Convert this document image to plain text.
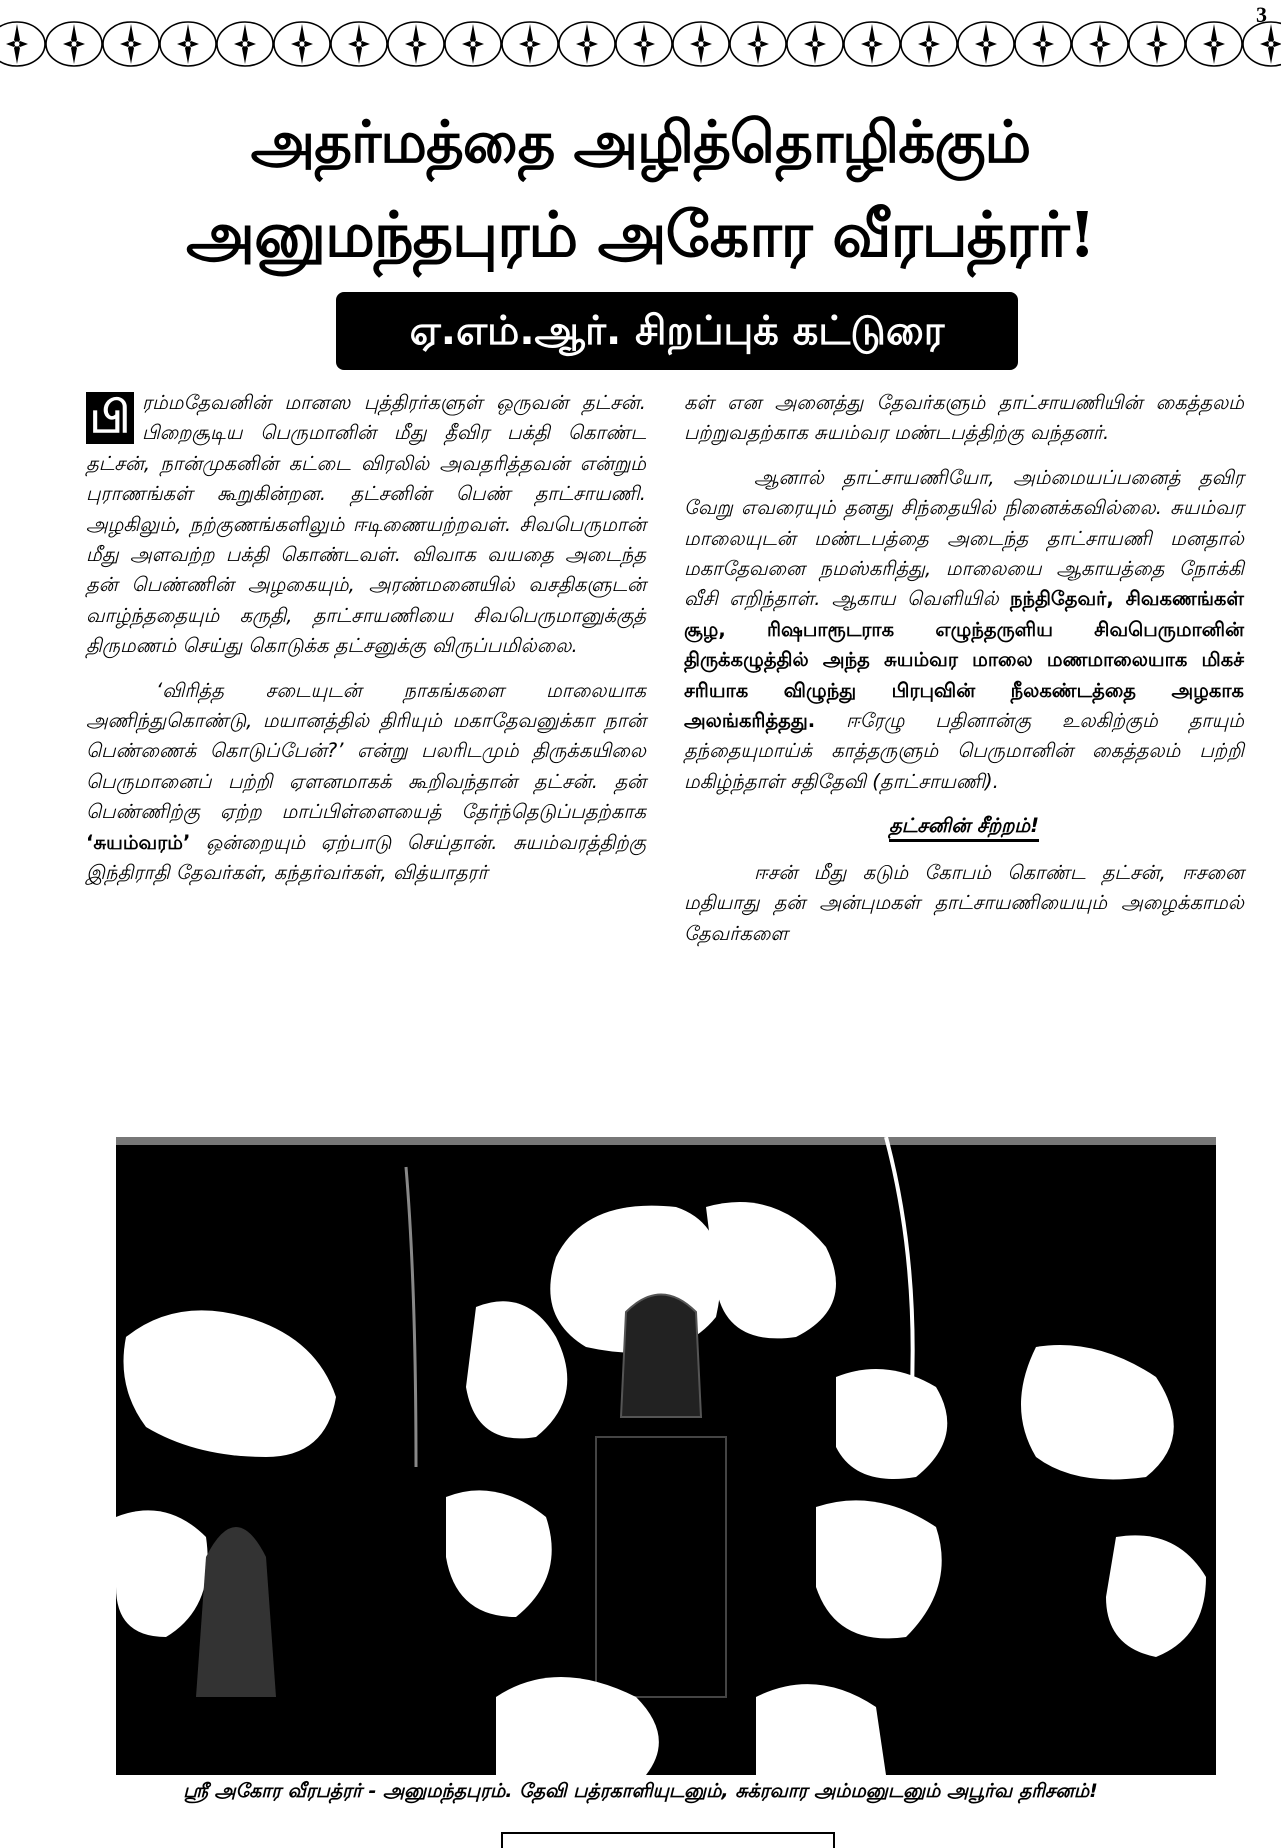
3
அதர்மத்தை அழித்தொழிக்கும்
அனுமந்தபுரம் அகோர வீரபத்ரர்!
ஏ.எம்.ஆர். சிறப்புக் கட்டுரை

பி ரம்மதேவனின் மானஸ புத்திரர்களுள் ஒருவன் தட்சன். பிறைசூடிய பெருமானின் மீது தீவிர பக்தி கொண்ட தட்சன், நான்முகனின் கட்டை விரலில் அவதரித்தவன் என்றும் புராணங்கள் கூறுகின்றன. தட்சனின் பெண் தாட்சாயணி. அழகிலும், நற்குணங்களிலும் ஈடிணையற்றவள். சிவபெருமான் மீது அளவற்ற பக்தி கொண்டவள். விவாக வயதை அடைந்த தன் பெண்ணின் அழகையும், அரண்மனையில் வசதிகளுடன் வாழ்ந்ததையும் கருதி, தாட்சாயணியை சிவபெருமானுக்குத் திருமணம் செய்து கொடுக்க தட்சனுக்கு விருப்பமில்லை.

‘விரித்த சடையுடன் நாகங்களை மாலையாக அணிந்துகொண்டு, மயானத்தில் திரியும் மகாதேவனுக்கா நான் பெண்ணைக் கொடுப்பேன்?’ என்று பலரிடமும் திருக்கயிலை பெருமானைப் பற்றி ஏளனமாகக் கூறிவந்தான் தட்சன். தன் பெண்ணிற்கு ஏற்ற மாப்பிள்ளையைத் தேர்ந்தெடுப்பதற்காக ‘சுயம்வரம்’ ஒன்றையும் ஏற்பாடு செய்தான். சுயம்வரத்திற்கு இந்திராதி தேவர்கள், கந்தர்வர்கள், வித்யாதரர்

கள் என அனைத்து தேவர்களும் தாட்சாயணியின் கைத்தலம் பற்றுவதற்காக சுயம்வர மண்டபத்திற்கு வந்தனர்.

ஆனால் தாட்சாயணியோ, அம்மையப்பனைத் தவிர வேறு எவரையும் தனது சிந்தையில் நினைக்கவில்லை. சுயம்வர மாலையுடன் மண்டபத்தை அடைந்த தாட்சாயணி மனதால் மகாதேவனை நமஸ்கரித்து, மாலையை ஆகாயத்தை நோக்கி வீசி எறிந்தாள். ஆகாய வெளியில் நந்திதேவர், சிவகணங்கள் சூழ, ரிஷபாரூடராக எழுந்தருளிய சிவபெருமானின் திருக்கழுத்தில் அந்த சுயம்வர மாலை மணமாலையாக மிகச் சரியாக விழுந்து பிரபுவின் நீலகண்டத்தை அழகாக அலங்கரித்தது. ஈரேழு பதினான்கு உலகிற்கும் தாயும் தந்தையுமாய்க் காத்தருளும் பெருமானின் கைத்தலம் பற்றி மகிழ்ந்தாள் சதிதேவி (தாட்சாயணி).

தட்சனின் சீற்றம்!

ஈசன் மீது கடும் கோபம் கொண்ட தட்சன், ஈசனை மதியாது தன் அன்புமகள் தாட்சாயணியையும் அழைக்காமல் தேவர்களை

ஸ்ரீ அகோர வீரபத்ரர் - அனுமந்தபுரம். தேவி பத்ரகாளியுடனும், சுக்ரவார அம்மனுடனும் அபூர்வ தரிசனம்!
